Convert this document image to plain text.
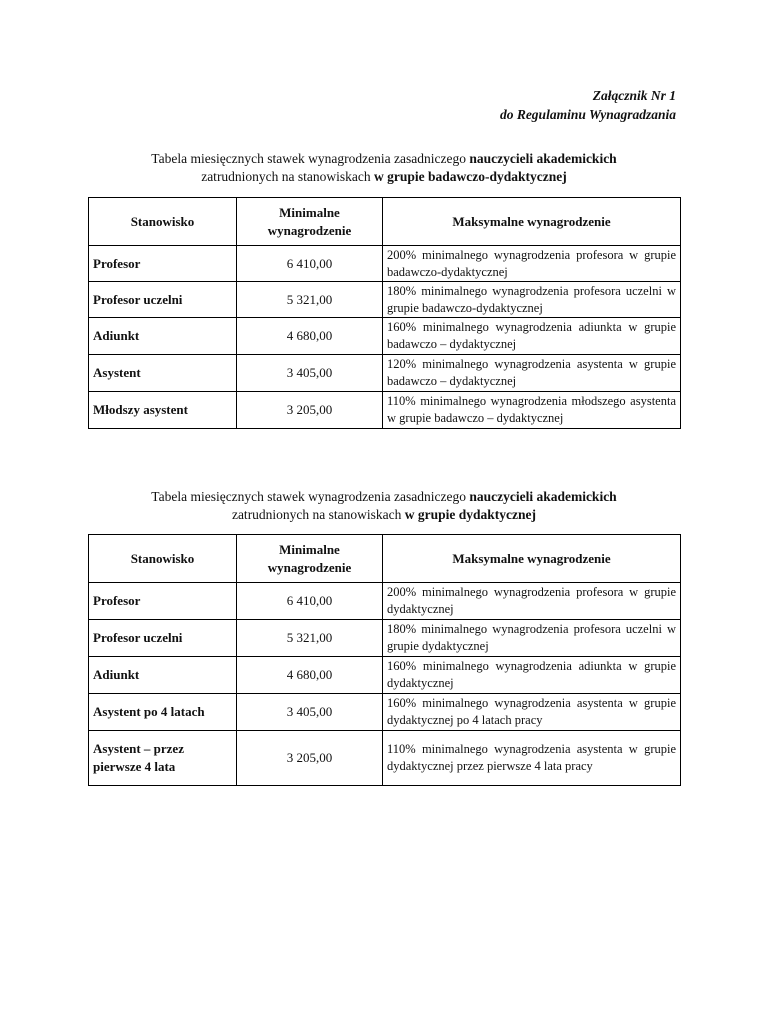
Załącznik Nr 1
do Regulaminu Wynagradzania
Tabela miesięcznych stawek wynagrodzenia zasadniczego nauczycieli akademickich
zatrudnionych na stanowiskach w grupie badawczo-dydaktycznej
Stanowisko	Minimalne wynagrodzenie	Maksymalne wynagrodzenie
Profesor	6 410,00	200% minimalnego wynagrodzenia profesora w grupie badawczo-dydaktycznej
Profesor uczelni	5 321,00	180% minimalnego wynagrodzenia profesora uczelni w grupie badawczo-dydaktycznej
Adiunkt	4 680,00	160% minimalnego wynagrodzenia adiunkta w grupie badawczo – dydaktycznej
Asystent	3 405,00	120% minimalnego wynagrodzenia asystenta w grupie badawczo – dydaktycznej
Młodszy asystent	3 205,00	110% minimalnego wynagrodzenia młodszego asystenta w grupie badawczo – dydaktycznej
Tabela miesięcznych stawek wynagrodzenia zasadniczego nauczycieli akademickich
zatrudnionych na stanowiskach w grupie dydaktycznej
Stanowisko	Minimalne wynagrodzenie	Maksymalne wynagrodzenie
Profesor	6 410,00	200% minimalnego wynagrodzenia profesora w grupie dydaktycznej
Profesor uczelni	5 321,00	180% minimalnego wynagrodzenia profesora uczelni w grupie dydaktycznej
Adiunkt	4 680,00	160% minimalnego wynagrodzenia adiunkta w grupie dydaktycznej
Asystent po 4 latach	3 405,00	160% minimalnego wynagrodzenia asystenta w grupie dydaktycznej po 4 latach pracy
Asystent – przez pierwsze 4 lata	3 205,00	110% minimalnego wynagrodzenia asystenta w grupie dydaktycznej przez pierwsze 4 lata pracy
